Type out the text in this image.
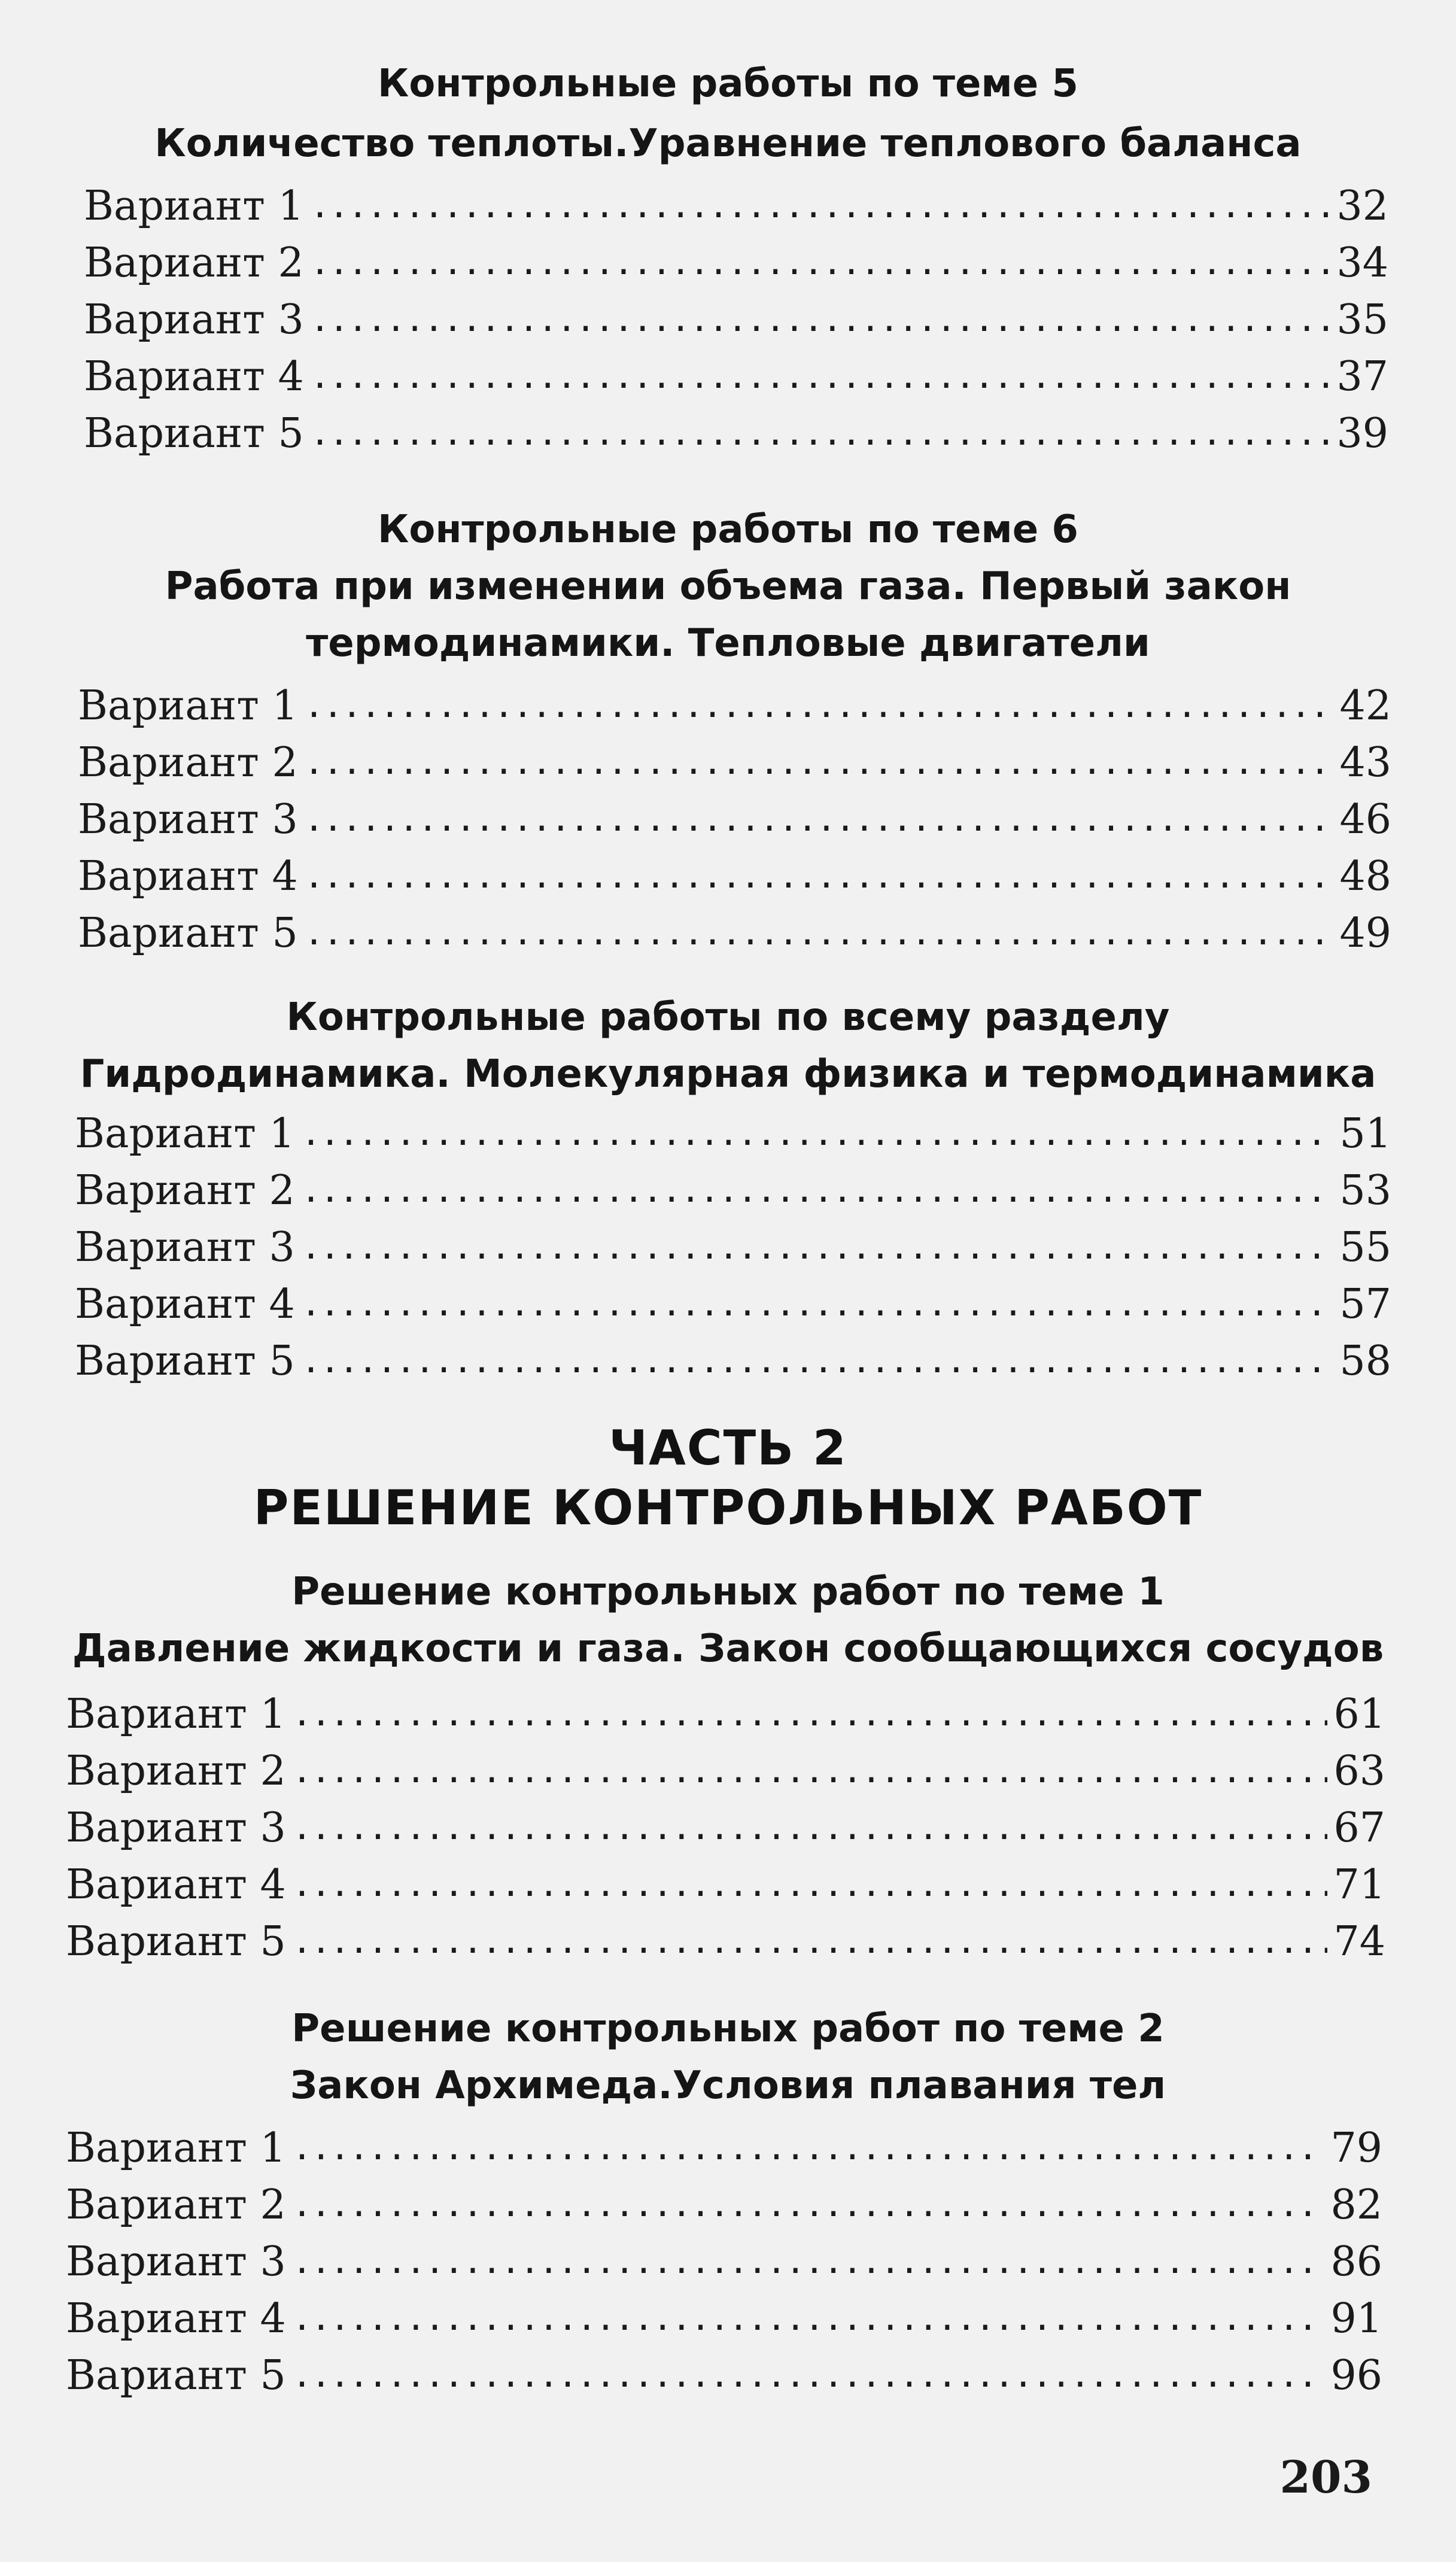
Контрольные работы по теме 5
Количество теплоты.Уравнение теплового баланса
Вариант 1 .....	32
Вариант 2 .....	34
Вариант 3 .....	35
Вариант 4 .....	37
Вариант 5 .....	39
Контрольные работы по теме 6
Работа при изменении объема газа. Первый закон
термодинамики. Тепловые двигатели
Вариант 1 .....	42
Вариант 2 .....	43
Вариант 3 .....	46
Вариант 4 .....	48
Вариант 5 .....	49
Контрольные работы по всему разделу
Гидродинамика. Молекулярная физика и термодинамика
Вариант 1 .....	51
Вариант 2 .....	53
Вариант 3 .....	55
Вариант 4 .....	57
Вариант 5 .....	58
ЧАСТЬ 2
РЕШЕНИЕ КОНТРОЛЬНЫХ РАБОТ
Решение контрольных работ по теме 1
Давление жидкости и газа. Закон сообщающихся сосудов
Вариант 1 .....	61
Вариант 2 .....	63
Вариант 3 .....	67
Вариант 4 .....	71
Вариант 5 .....	74
Решение контрольных работ по теме 2
Закон Архимеда.Условия плавания тел
Вариант 1 .....	79
Вариант 2 .....	82
Вариант 3 .....	86
Вариант 4 .....	91
Вариант 5 .....	96
203
